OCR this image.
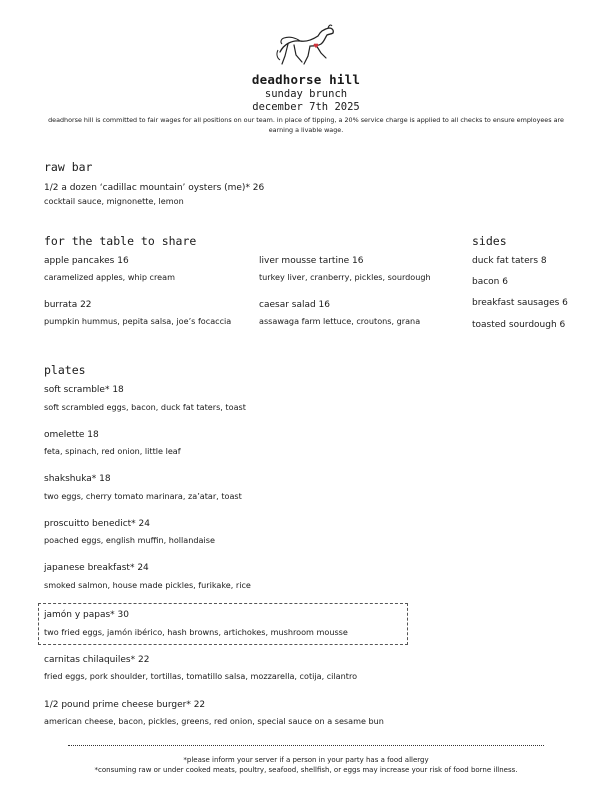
deadhorse hill
sunday brunch
december 7th 2025
deadhorse hill is committed to fair wages for all positions on our team. in place of tipping, a 20% service charge is applied to all checks to ensure employees are earning a livable wage.
raw bar
1/2 a dozen ‘cadillac mountain’ oysters (me)* 26
cocktail sauce, mignonette, lemon
for the table to share
apple pancakes 16
caramelized apples, whip cream
liver mousse tartine 16
turkey liver, cranberry, pickles, sourdough
burrata 22
pumpkin hummus, pepita salsa, joe’s focaccia
caesar salad 16
assawaga farm lettuce, croutons, grana
sides
duck fat taters 8
bacon 6
breakfast sausages 6
toasted sourdough 6
plates
soft scramble* 18
soft scrambled eggs, bacon, duck fat taters, toast
omelette 18
feta, spinach, red onion, little leaf
shakshuka* 18
two eggs, cherry tomato marinara, za’atar, toast
proscuitto benedict* 24
poached eggs, english muffin, hollandaise
japanese breakfast* 24
smoked salmon, house made pickles, furikake, rice
jamón y papas* 30
two fried eggs, jamón ibérico, hash browns, artichokes, mushroom mousse
carnitas chilaquiles* 22
fried eggs, pork shoulder, tortillas, tomatillo salsa, mozzarella, cotija, cilantro
1/2 pound prime cheese burger* 22
american cheese, bacon, pickles, greens, red onion, special sauce on a sesame bun
*please inform your server if a person in your party has a food allergy
*consuming raw or under cooked meats, poultry, seafood, shellfish, or eggs may increase your risk of food borne illness.
